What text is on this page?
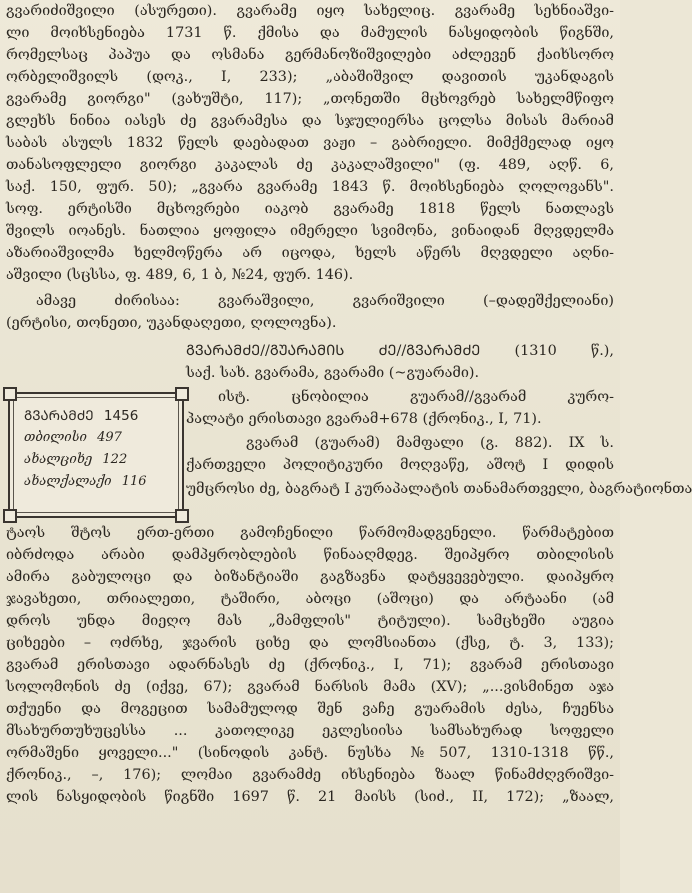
გვარიძიშვილი (ასურეთი). გვარამე იყო სახელიც. გვარამე სეხნიაშვი-
ლი მოიხსენიება 1731 წ. ქმისა და მამულის ნასყიდობის წიგნში,
რომელსაც პაპუა და ოსმანა გერმანოზიშვილები აძლევენ ქაიხსორო
ორბელიშვილს (დოკ., I, 233); „აბაშიშვილ დავითის უკანდაგის
გვარამე გიორგი" (ვახუშტი, 117); „თონეთში მცხოვრებ სახელმწიფო
გლეხს ნინია იასეს ძე გვარამესა და სჯულიერსა ცოლსა მისას მარიამ
საბას ასულს 1832 წელს დაებადათ ვაჟი – გაბრიელი. მიმქმელად იყო
თანასოფლელი გიორგი კაკალას ძე კაკალაშვილი" (ფ. 489, აღწ. 6,
საქ. 150, ფურ. 50); „გვარა გვარამე 1843 წ. მოიხსენიება ღოლოვანს".
სოფ. ერტისში მცხოვრები იაკობ გვარამე 1818 წელს ნათლავს
შვილს იოანეს. ნათლია ყოფილა იმერელი სვიმონა, ვინაიდან მღვდელმა
აზარიაშვილმა ხელმოწერა არ იცოდა, ხელს აწერს მღვდელი აღნი-
აშვილი (სცსსა, ფ. 489, 6, 1 ბ, №24, ფურ. 146).
ამავე ძირისაა: გვარაშვილი, გვარიშვილი (–დადეშქელიანი)
(ერტისი, თონეთი, უკანდაღეთი, ღოლოვნა).
ᲒᲕᲐᲠᲐᲛᲫᲔ//ᲒᲣᲐᲠᲐᲛᲘᲡ ᲫᲔ//ᲒᲕᲐᲠᲐᲛᲫᲔ (1310 წ.),
საქ. სახ. გვარამა, გვარამი (~გუარამი).
ისტ. ცნობილია გუარამ//გვარამ კურო-
პალატი ერისთავი გვარამ+678 (ქრონიკ., I, 71).
გვარამ (გუარამ) მამფალი (გ. 882). IX ს.
ქართველი პოლიტიკური მოღვაწე, აშოტ I დიდის
უმცროსი ძე, ბაგრატ I კურაპალატის თანამართველი, ბაგრატიონთა
ტაოს შტოს ერთ-ერთი გამოჩენილი წარმომადგენელი. წარმატებით
იბრძოდა არაბი დამპყრობლების წინააღმდეგ. შეიპყრო თბილისის
ამირა გაბულოცი და ბიზანტიაში გაგზავნა დატყვევებული. დაიპყრო
ჯავახეთი, თრიალეთი, ტაშირი, აბოცი (აშოცი) და არტაანი (ამ
დროს უნდა მიეღო მას „მამფლის" ტიტული). სამცხეში აუგია
ციხეები – ოძრხე, ჯვარის ციხე და ლომსიანთა (ქსე, ტ. 3, 133);
გვარამ ერისთავი ადარნასეს ძე (ქრონიკ., I, 71); გვარამ ერისთავი
სოლომონის ძე (იქვე, 67); გვარამ ნარსის მამა (XV); „...ვისმინეთ აჯა
თქუენი და მოგეცით სამამულოდ შენ ვაჩე გუარამის ძესა, ჩუენსა
მსახურთუხუცესსა ... კათოლიკე ეკლესიისა სამსახურად სოფელი
ორმაშენი ყოველი..." (სინოდის კანტ. ნუსხა №507, 1310-1318 წწ.,
ქრონიკ., –, 176); ლომაი გვარამძე იხსენიება ზაალ წინამძღვრიშვი-
ლის ნასყიდობის წიგნში 1697 წ. 21 მაისს (სიძ., II, 172); „ზაალ,
ᲒᲕᲐᲠᲐᲛᲫᲔ 1456
თბილისი 497
ახალციხე 122
ახალქალაქი 116
